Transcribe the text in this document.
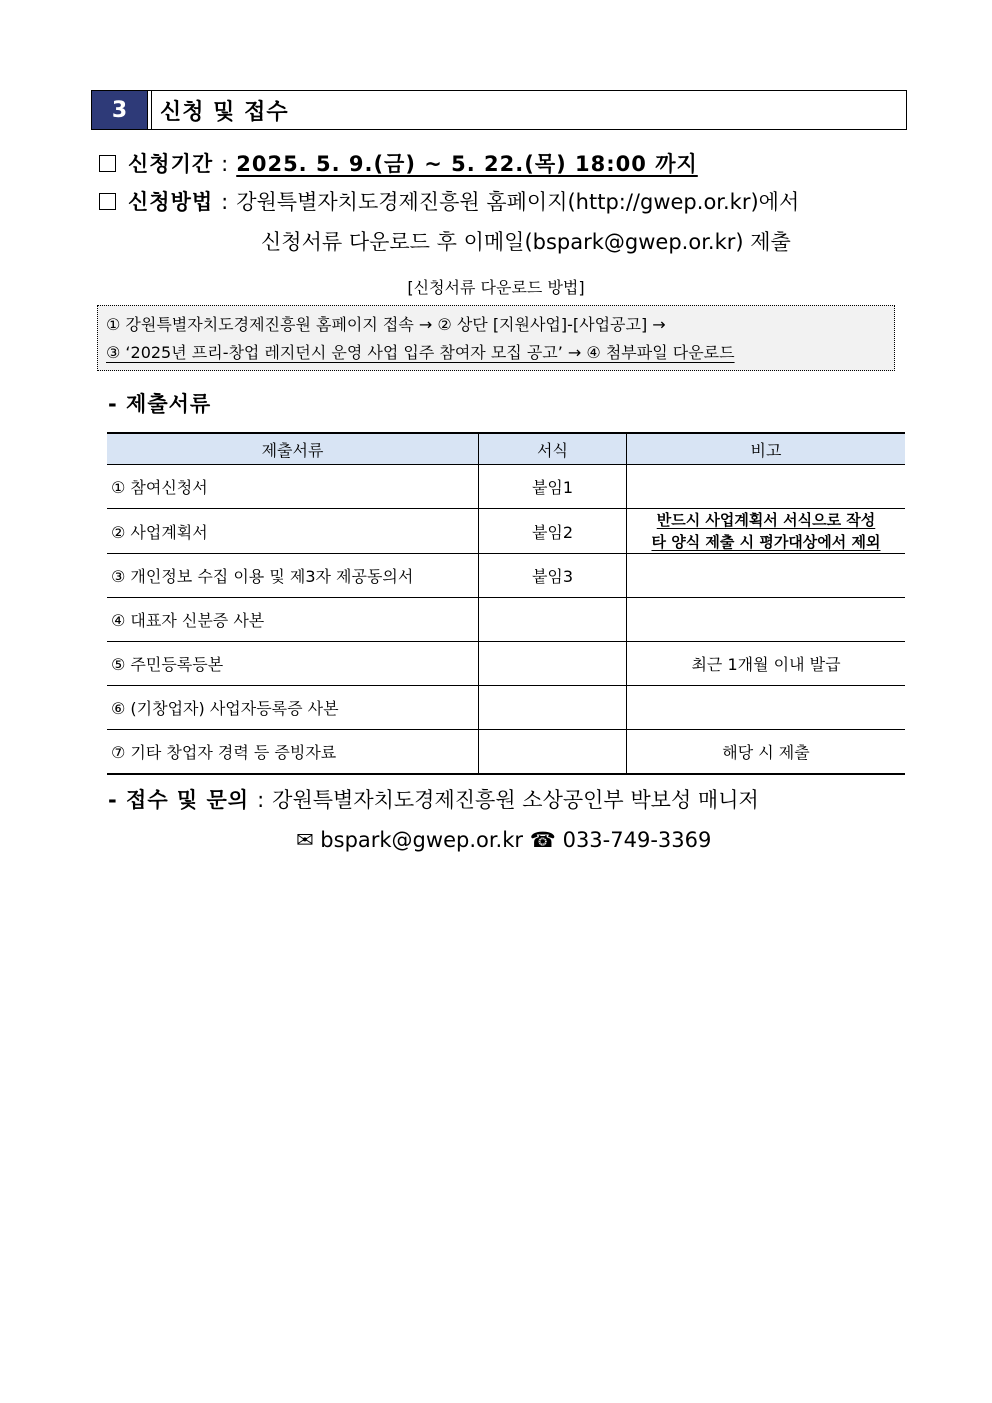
3	신청 및 접수
신청기간 : 2025. 5. 9.(금) ~ 5. 22.(목) 18:00 까지
신청방법 : 강원특별자치도경제진흥원 홈페이지(http://gwep.or.kr)에서
신청서류 다운로드 후 이메일(bspark@gwep.or.kr) 제출
[신청서류 다운로드 방법]
① 강원특별자치도경제진흥원 홈페이지 접속 → ② 상단 [지원사업]-[사업공고] →
③ ‘2025년 프리-창업 레지던시 운영 사업 입주 참여자 모집 공고’ → ④ 첨부파일 다운로드
- 제출서류
제출서류	서식	비고
① 참여신청서	붙임1	
② 사업계획서	붙임2	반드시 사업계획서 서식으로 작성
타 양식 제출 시 평가대상에서 제외

③ 개인정보 수집 이용 및 제3자 제공동의서	붙임3	
④ 대표자 신분증 사본		
⑤ 주민등록등본		최근 1개월 이내 발급
⑥ (기창업자) 사업자등록증 사본		
⑦ 기타 창업자 경력 등 증빙자료		해당 시 제출
- 접수 및 문의 : 강원특별자치도경제진흥원 소상공인부 박보성 매니저
✉ bspark@gwep.or.kr ☎ 033-749-3369
